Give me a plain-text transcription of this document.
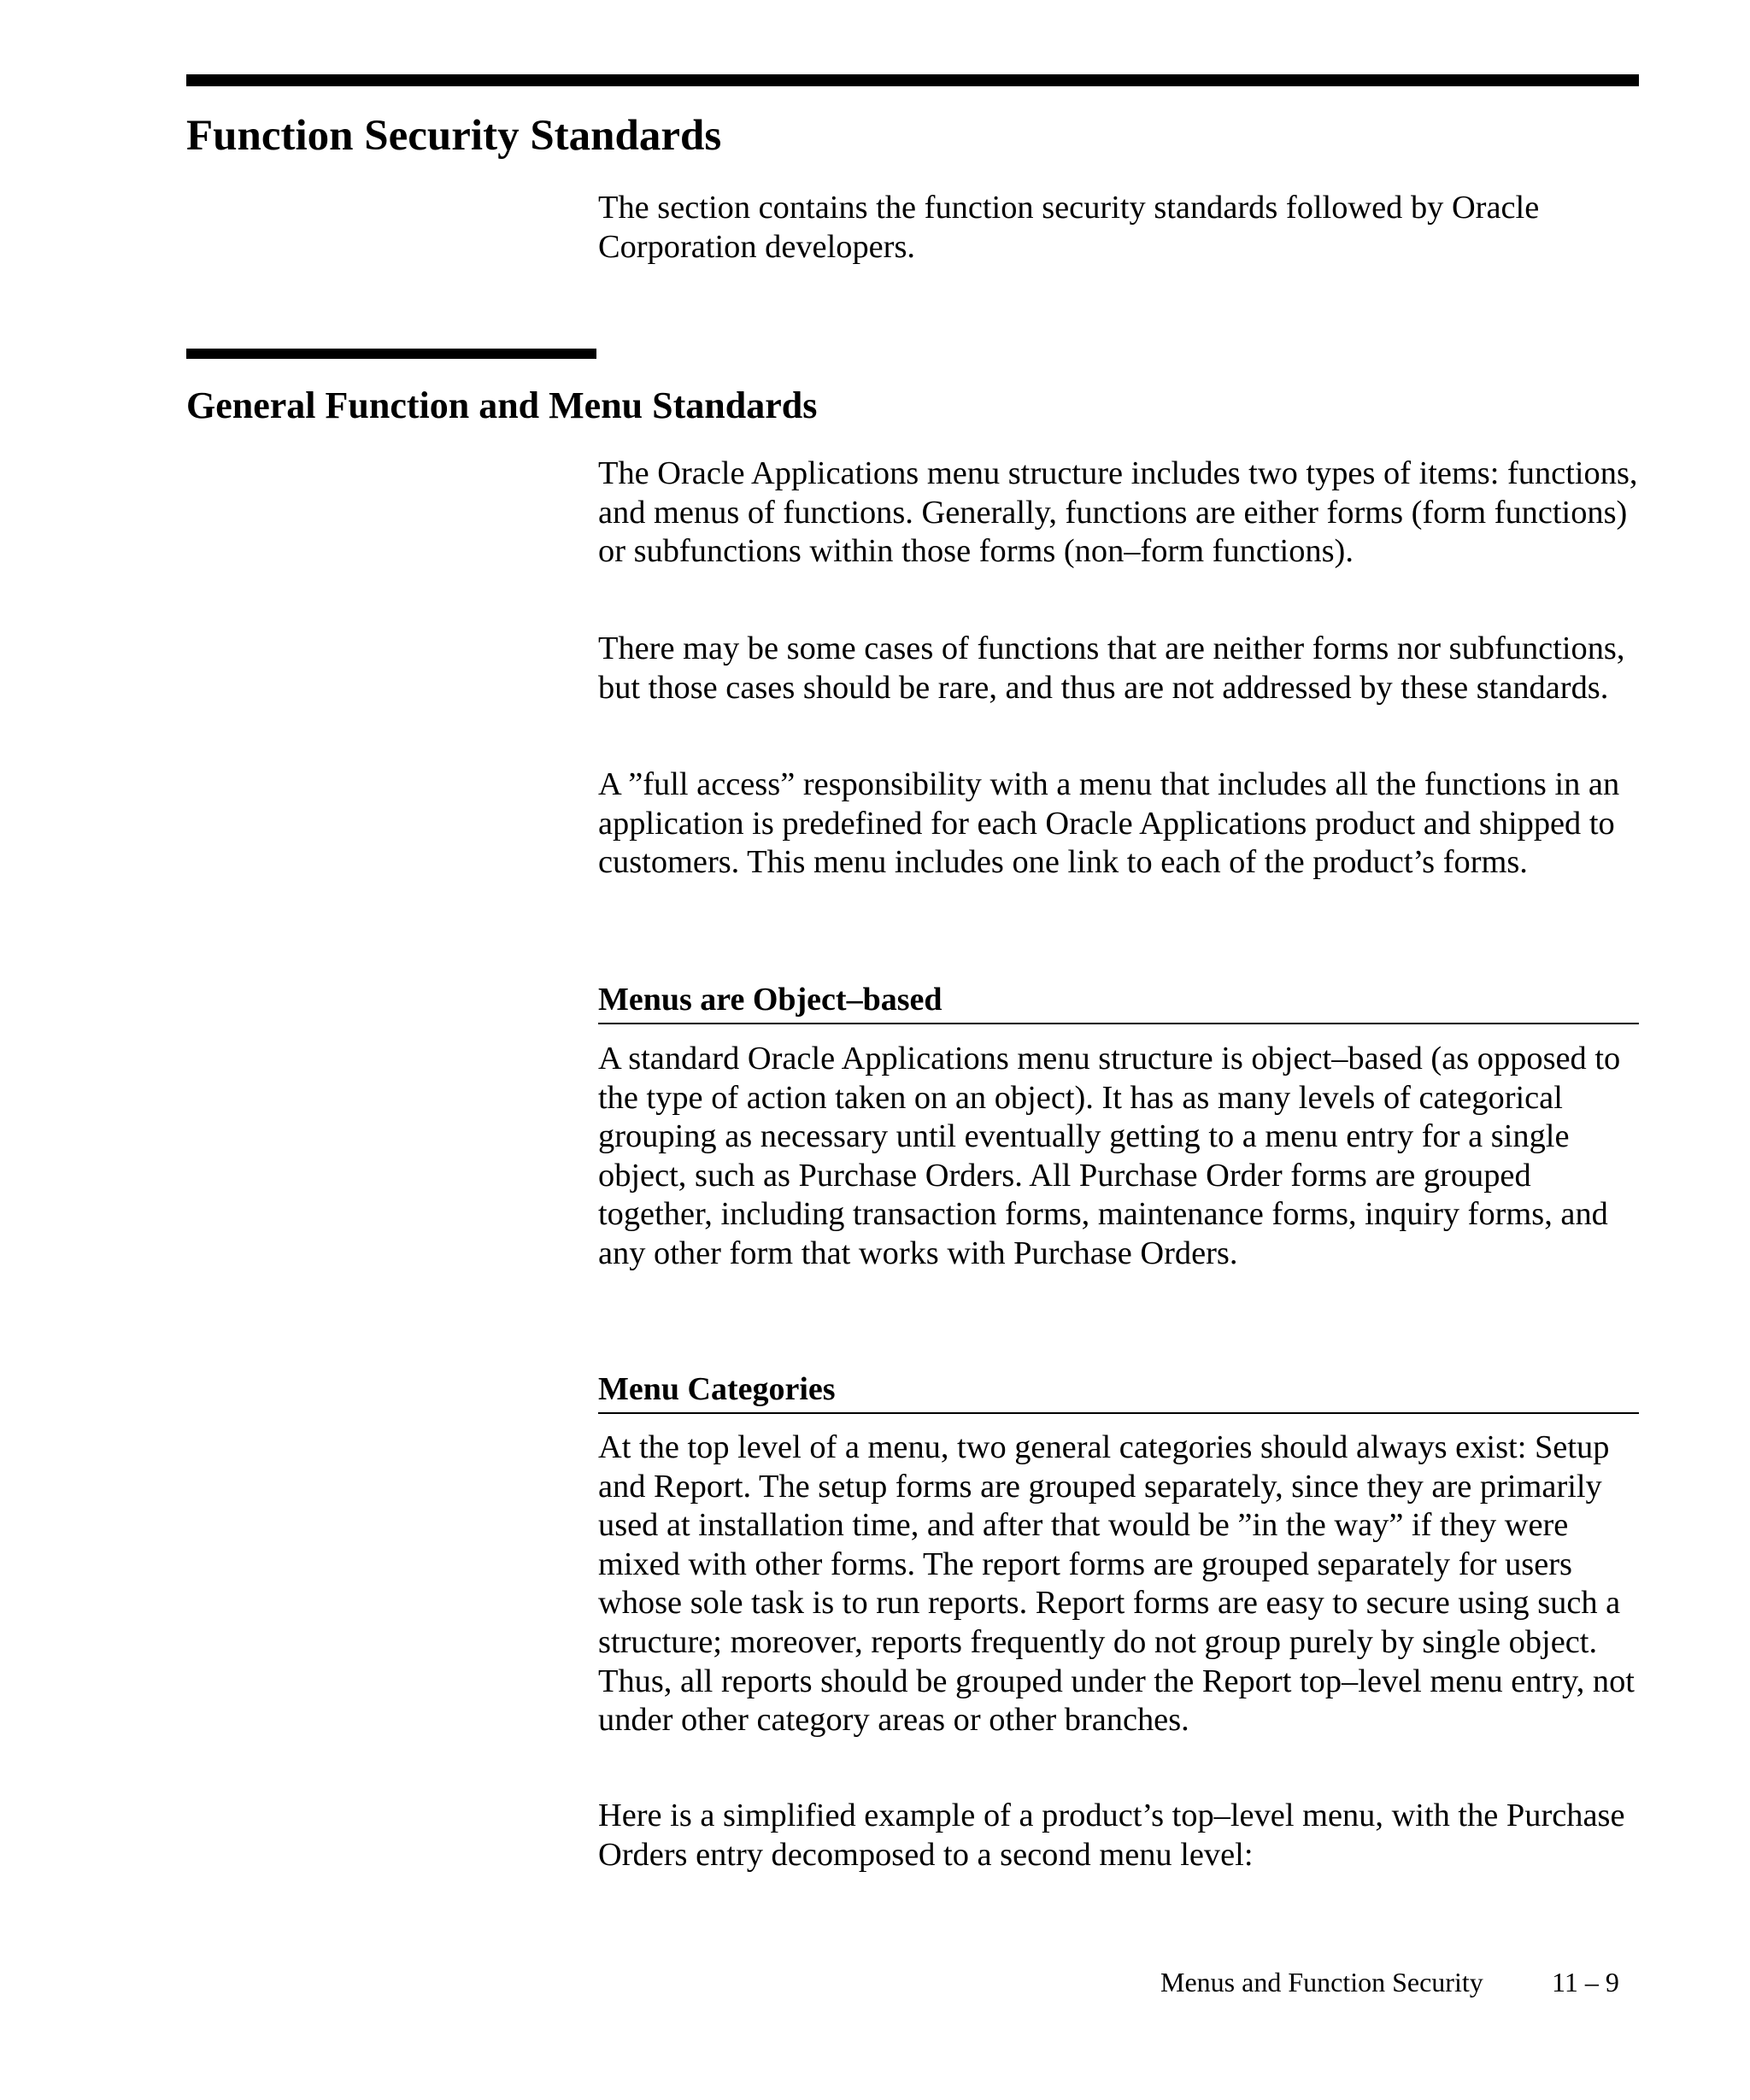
Function Security Standards

The section contains the function security standards followed by Oracle Corporation developers.

General Function and Menu Standards

The Oracle Applications menu structure includes two types of items: functions, and menus of functions. Generally, functions are either forms (form functions) or subfunctions within those forms (non–form functions).

There may be some cases of functions that are neither forms nor subfunctions, but those cases should be rare, and thus are not addressed by these standards.

A ”full access” responsibility with a menu that includes all the functions in an application is predefined for each Oracle Applications product and shipped to customers. This menu includes one link to each of the product’s forms.

Menus are Object–based

A standard Oracle Applications menu structure is object–based (as opposed to the type of action taken on an object). It has as many levels of categorical grouping as necessary until eventually getting to a menu entry for a single object, such as Purchase Orders. All Purchase Order forms are grouped together, including transaction forms, maintenance forms, inquiry forms, and any other form that works with Purchase Orders.

Menu Categories

At the top level of a menu, two general categories should always exist: Setup and Report. The setup forms are grouped separately, since they are primarily used at installation time, and after that would be ”in the way” if they were mixed with other forms. The report forms are grouped separately for users whose sole task is to run reports. Report forms are easy to secure using such a structure; moreover, reports frequently do not group purely by single object. Thus, all reports should be grouped under the Report top–level menu entry, not under other category areas or other branches.

Here is a simplified example of a product’s top–level menu, with the Purchase Orders entry decomposed to a second menu level:

Menus and Function Security	11 – 9
